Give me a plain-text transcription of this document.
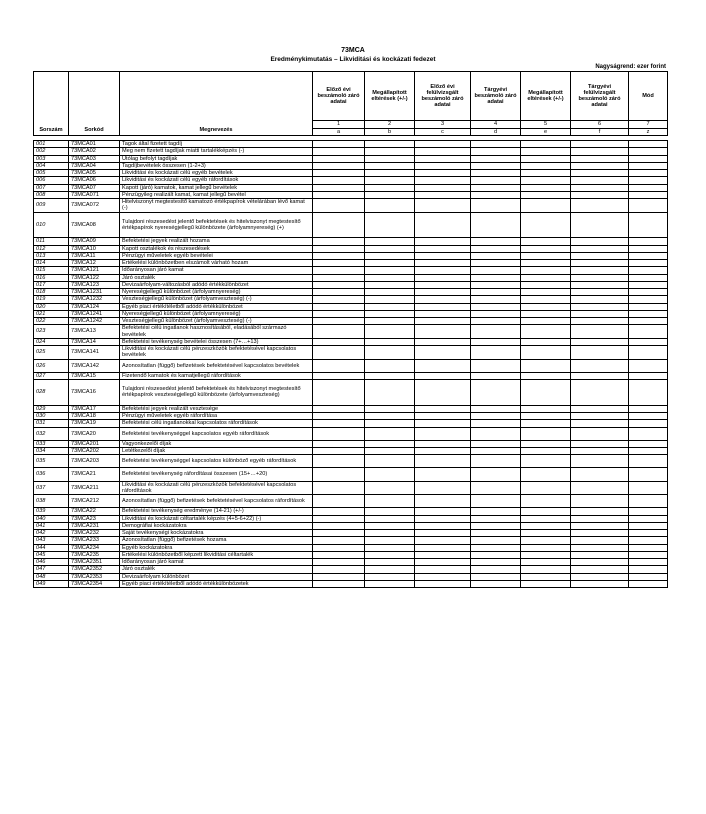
73MCA
Eredménykimutatás – Likviditási és kockázati fedezet
Nagyságrend: ezer forint
Sorszám	Sorkód	Megnevezés	Előző évi beszámoló záró adatai	Megállapított eltérések (+/-)	Előző évi felülvizsgált beszámoló záró adatai	Tárgyévi beszámoló záró adatai	Megállapított eltérések (+/-)	Tárgyévi felülvizsgált beszámoló záró adatai	Mód
			1	2	3	4	5	6	7
			a	b	c	d	e	f	z

001	73MCA01	Tagok által fizetett tagdíj							
002	73MCA02	Meg nem fizetett tagdíjak miatti tartalékképzés (-)							
003	73MCA03	Utólag befolyt tagdíjak							
004	73MCA04	Tagdíjbevételek összesen (1-2+3)							
005	73MCA05	Likviditási és kockázati célú egyéb bevételek							
006	73MCA06	Likviditási és kockázati célú egyéb ráfordítások							
007	73MCA07	Kapott (járó) kamatok, kamat jellegű bevételek							
008	73MCA071	Pénzügyileg realizált kamat, kamat jellegű bevétel							
009	73MCA072	Hitelviszonyt megtestesítő kamatozó értékpapírok vételárában lévő kamat (-)							
010	73MCA08	Tulajdoni részesedést jelentő befektetések és hitelviszonyt megtestesítő értékpapírok nyereségjellegű különbözete (árfolyamnyereség) (+)							
011	73MCA09	Befektetési jegyek realizált hozama							
012	73MCA10	Kapott osztalékok és részesedések							
013	73MCA11	Pénzügyi műveletek egyéb bevételei							
014	73MCA12	Értékelési különbözetben elszámolt várható hozam							
015	73MCA121	Időarányosan járó kamat							
016	73MCA122	Járó osztalék							
017	73MCA123	Devizaárfolyam-változásból adódó értékkülönbözet							
018	73MCA1231	Nyereségjellegű különbözet (árfolyamnyereség)							
019	73MCA1232	Veszteségjellegű különbözet (árfolyamveszteség) (-)							
020	73MCA124	Egyéb piaci értékítéletből adódó értékkülönbözet							
021	73MCA1241	Nyereségjellegű különbözet (árfolyamnyereség)							
022	73MCA1242	Veszteségjellegű különbözet (árfolyamveszteség) (-)							
023	73MCA13	Befektetési célú ingatlanok hasznosításából, eladásából származó bevételek							
024	73MCA14	Befektetési tevékenység bevételei összesen (7+…+13)							
025	73MCA141	Likviditási és kockázati célú pénzeszközök befektetésével kapcsolatos bevételek							
026	73MCA142	Azonosítatlan (függő) befizetések befektetésével kapcsolatos bevételek							
027	73MCA15	Fizetendő kamatok és kamatjellegű ráfordítások							
028	73MCA16	Tulajdoni részesedést jelentő befektetések és hitelviszonyt megtestesítő értékpapírok veszteségjellegű különbözete (árfolyamveszteség)							
029	73MCA17	Befektetési jegyek realizált vesztesége							
030	73MCA18	Pénzügyi műveletek egyéb ráfordítása							
031	73MCA19	Befektetési célú ingatlanokkal kapcsolatos ráfordítások							
032	73MCA20	Befektetési tevékenységgel kapcsolatos egyéb ráfordítások							
033	73MCA201	Vagyonkezelői díjak							
034	73MCA202	Letétkezelői díjak							
035	73MCA203	Befektetési tevékenységgel kapcsolatos különböző egyéb ráfordítások							
036	73MCA21	Befektetési tevékenység ráfordításai összesen (15+…+20)							
037	73MCA211	Likviditási és kockázati célú pénzeszközök befektetésével kapcsolatos ráfordítások							
038	73MCA212	Azonosítatlan (függő) befizetések befektetésével kapcsolatos ráfordítások							
039	73MCA22	Befektetési tevékenység eredménye (14-21) (+/-)							
040	73MCA23	Likviditási és kockázati céltartalék képzés (4+5-6+22) (-)							
041	73MCA231	Demográfiai kockázatokra							
042	73MCA232	Saját tevékenységi kockázatokra							
043	73MCA233	Azonosítatlan (függő) befizetések hozama							
044	73MCA234	Egyéb kockázatokra							
045	73MCA235	Értékelési különbözetből képzett likviditási céltartalék							
046	73MCA2351	Időarányosan járó kamat							
047	73MCA2352	Járó osztalék							
048	73MCA2353	Devizaárfolyam különbözet							
049	73MCA2354	Egyéb piaci értékítéletből adódó értékkülönbözetek							
